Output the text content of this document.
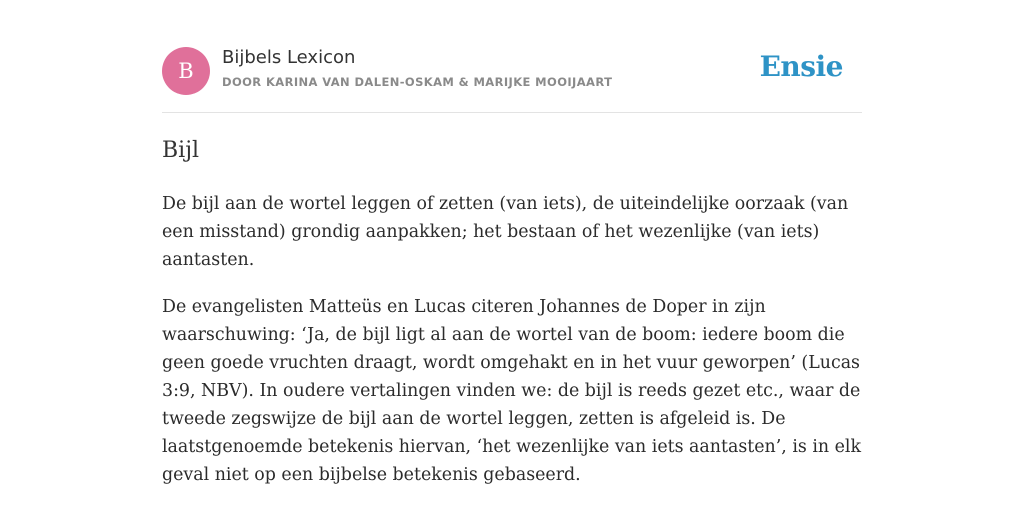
B
Bijbels Lexicon
DOOR KARINA VAN DALEN-OSKAM & MARIJKE MOOIJAART	Ensie
Bijl

De bijl aan de wortel leggen of zetten (van iets), de uiteindelijke oorzaak (van een misstand) grondig aanpakken; het bestaan of het wezenlijke (van iets) aantasten.

De evangelisten Matteüs en Lucas citeren Johannes de Doper in zijn waarschuwing: ‘Ja, de bijl ligt al aan de wortel van de boom: iedere boom die geen goede vruchten draagt, wordt omgehakt en in het vuur geworpen’ (Lucas 3:9, NBV). In oudere vertalingen vinden we: de bijl is reeds gezet etc., waar de tweede zegswijze de bijl aan de wortel leggen, zetten is afgeleid is. De laatstgenoemde betekenis hiervan, ‘het wezenlijke van iets aantasten’, is in elk geval niet op een bijbelse betekenis gebaseerd.
